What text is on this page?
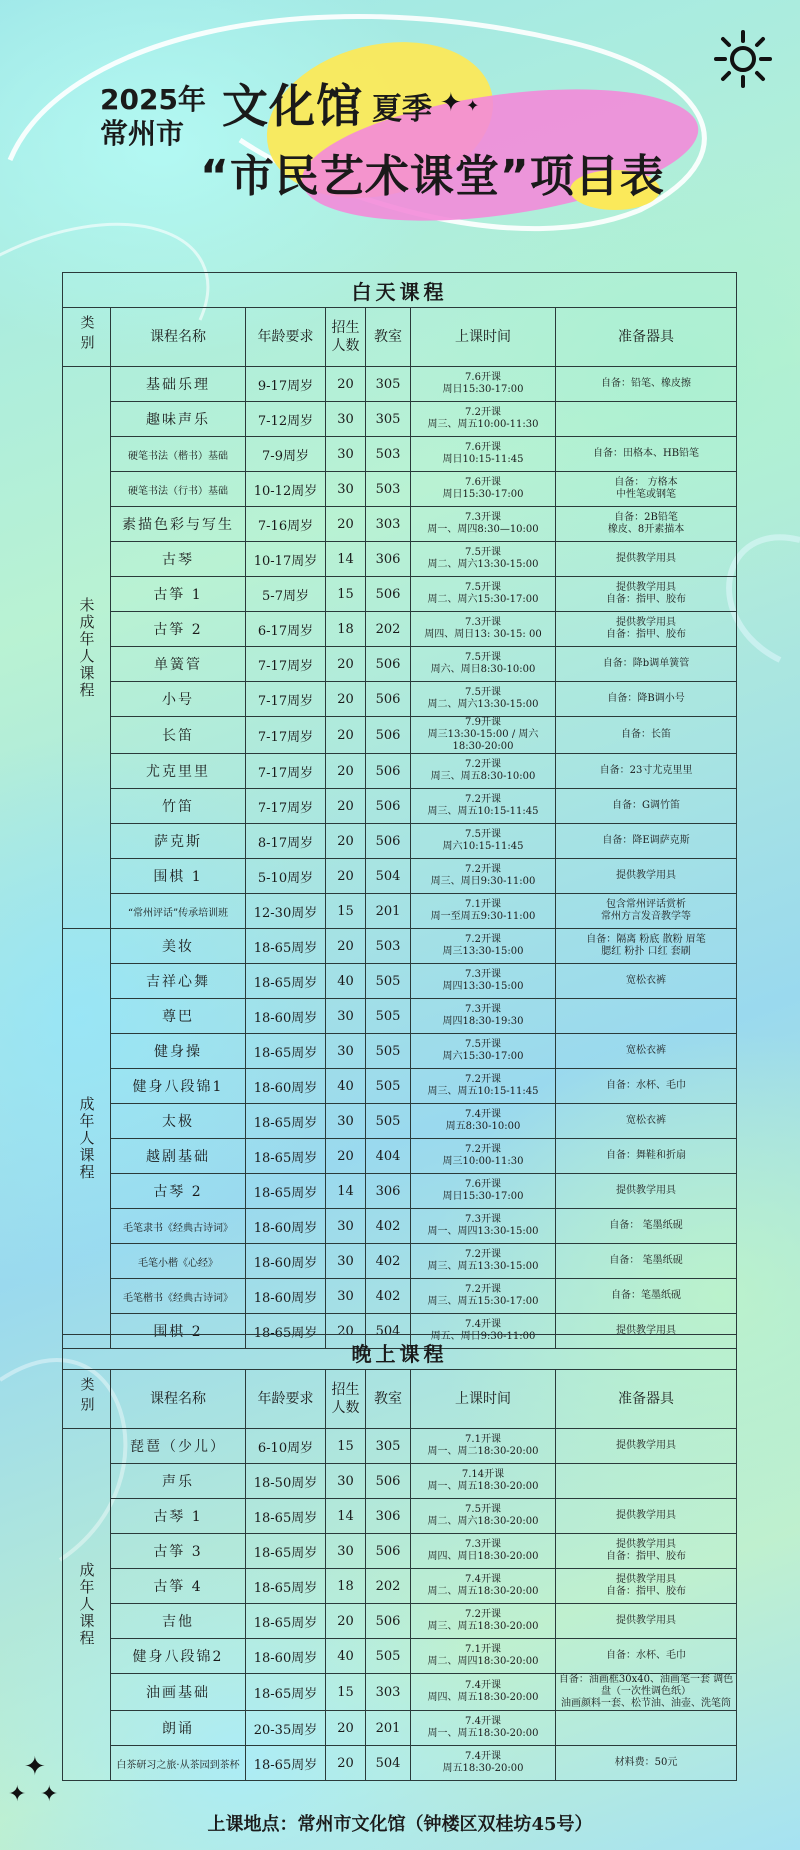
2025年
常州市
文化馆 夏季 ✦ ✦
“市民艺术课堂”项目表
白天课程						
类别	课程名称	年龄要求	招生人数	教室	上课时间	准备器具
未成年人课程	基础乐理	9-17周岁	20	305	7.6开课
周日15:30-17:00	自备：铅笔、橡皮擦

	趣味声乐	7-12周岁	30	305	7.2开课
周三、周五10:00-11:30	

	硬笔书法（楷书）基础	7-9周岁	30	503	7.6开课
周日10:15-11:45	自备：田格本、HB铅笔

	硬笔书法（行书）基础	10-12周岁	30	503	7.6开课
周日15:30-17:00	自备： 方格本
中性笔或钢笔

	素描色彩与写生	7-16周岁	20	303	7.3开课
周一、周四8:30—10:00	自备：2B铅笔
橡皮、8开素描本

	古琴	10-17周岁	14	306	7.5开课
周二、周六13:30-15:00	提供教学用具

	古筝 1	5-7周岁	15	506	7.5开课
周二、周六15:30-17:00	提供教学用具
自备：指甲、胶布

	古筝 2	6-17周岁	18	202	7.3开课
周四、周日13: 30-15: 00	提供教学用具
自备：指甲、胶布

	单簧管	7-17周岁	20	506	7.5开课
周六、周日8:30-10:00	自备：降b调单簧管

	小号	7-17周岁	20	506	7.5开课
周二、周六13:30-15:00	自备：降B调小号

	长笛	7-17周岁	20	506	7.9开课
周三13:30-15:00 / 周六18:30-20:00	自备：长笛

	尤克里里	7-17周岁	20	506	7.2开课
周三、周五8:30-10:00	自备：23寸尤克里里

	竹笛	7-17周岁	20	506	7.2开课
周三、周五10:15-11:45	自备：G调竹笛

	萨克斯	8-17周岁	20	506	7.5开课
周六10:15-11:45	自备：降E调萨克斯

	围棋 1	5-10周岁	20	504	7.2开课
周三、周日9:30-11:00	提供教学用具

	“常州评话”传承培训班	12-30周岁	15	201	7.1开课
周一至周五9:30-11:00	包含常州评话赏析
常州方言发音教学等

成年人课程	美妆	18-65周岁	20	503	7.2开课
周三13:30-15:00	自备：隔离 粉底 散粉 眉笔
腮红 粉扑 口红 套刷

	吉祥心舞	18-65周岁	40	505	7.3开课
周四13:30-15:00	宽松衣裤

	尊巴	18-60周岁	30	505	7.3开课
周四18:30-19:30	

	健身操	18-65周岁	30	505	7.5开课
周六15:30-17:00	宽松衣裤

	健身八段锦1	18-60周岁	40	505	7.2开课
周三、周五10:15-11:45	自备：水杯、毛巾

	太极	18-65周岁	30	505	7.4开课
周五8:30-10:00	宽松衣裤

	越剧基础	18-65周岁	20	404	7.2开课
周三10:00-11:30	自备：舞鞋和折扇

	古琴 2	18-65周岁	14	306	7.6开课
周日15:30-17:00	提供教学用具

	毛笔隶书《经典古诗词》	18-60周岁	30	402	7.3开课
周一、周四13:30-15:00	自备： 笔墨纸砚

	毛笔小楷《心经》	18-60周岁	30	402	7.2开课
周三、周五13:30-15:00	自备： 笔墨纸砚

	毛笔楷书《经典古诗词》	18-60周岁	30	402	7.2开课
周三、周五15:30-17:00	自备：笔墨纸砚

	围棋 2	18-65周岁	20	504	7.4开课
周五、周日9:30-11:00	提供教学用具
晚上课程						
类别	课程名称	年龄要求	招生人数	教室	上课时间	准备器具
成年人课程	琵琶（少儿）	6-10周岁	15	305	7.1开课
周一、周二18:30-20:00	提供教学用具

	声乐	18-50周岁	30	506	7.14开课
周一、周五18:30-20:00	

	古琴 1	18-65周岁	14	306	7.5开课
周二、周六18:30-20:00	提供教学用具

	古筝 3	18-65周岁	30	506	7.3开课
周四、周日18:30-20:00	提供教学用具
自备：指甲、胶布

	古筝 4	18-65周岁	18	202	7.4开课
周二、周五18:30-20:00	提供教学用具
自备：指甲、胶布

	吉他	18-65周岁	20	506	7.2开课
周三、周五18:30-20:00	提供教学用具

	健身八段锦2	18-60周岁	40	505	7.1开课
周二、周四18:30-20:00	自备：水杯、毛巾

	油画基础	18-65周岁	15	303	7.4开课
周四、周五18:30-20:00	自备：油画框30x40、油画笔一套 调色盘（一次性调色纸）
油画颜料一套、松节油、油壶、洗笔筒

	朗诵	20-35周岁	20	201	7.4开课
周一、周五18:30-20:00	

	白茶研习之旅·从茶园到茶杯	18-65周岁	20	504	7.4开课
周五18:30-20:00	材料费：50元
✦
✦ ✦
上课地点：常州市文化馆（钟楼区双桂坊45号）
